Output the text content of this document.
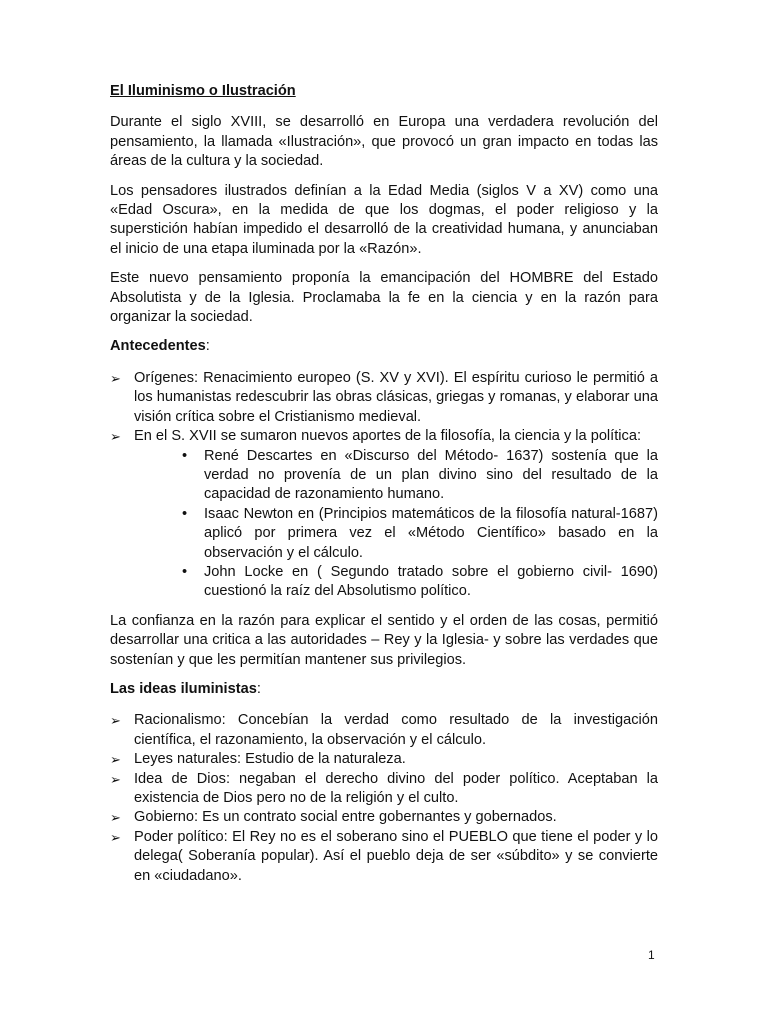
El Iluminismo o Ilustración

Durante el siglo XVIII, se desarrolló en Europa una verdadera revolución del pensamiento, la llamada «Ilustración», que provocó un gran impacto en todas las áreas de la cultura y la sociedad.

Los pensadores ilustrados definían a la Edad Media (siglos V a XV) como una «Edad Oscura», en la medida de que los dogmas, el poder religioso y la superstición habían impedido el desarrolló de la creatividad humana, y anunciaban el inicio de una etapa iluminada por la «Razón».

Este nuevo pensamiento proponía la emancipación del HOMBRE del Estado Absolutista y de la Iglesia. Proclamaba la fe en la ciencia y en la razón para organizar la sociedad.

Antecedentes:
➢ Orígenes: Renacimiento europeo (S. XV y XVI). El espíritu curioso le permitió a los humanistas redescubrir las obras clásicas, griegas y romanas, y elaborar una visión crítica sobre el Cristianismo medieval.
➢ En el S. XVII se sumaron nuevos aportes de la filosofía, la ciencia y la política:
• René Descartes en «Discurso del Método- 1637) sostenía que la verdad no provenía de un plan divino sino del resultado de la capacidad de razonamiento humano.
• Isaac Newton en (Principios matemáticos de la filosofía natural-1687) aplicó por primera vez el «Método Científico» basado en la observación y el cálculo.
• John Locke en ( Segundo tratado sobre el gobierno civil- 1690) cuestionó la raíz del Absolutismo político.

La confianza en la razón para explicar el sentido y el orden de las cosas, permitió desarrollar una critica a las autoridades – Rey y la Iglesia- y sobre las verdades que sostenían y que les permitían mantener sus privilegios.

Las ideas iluministas:
➢ Racionalismo: Concebían la verdad como resultado de la investigación científica, el razonamiento, la observación y el cálculo.
➢ Leyes naturales: Estudio de la naturaleza.
➢ Idea de Dios: negaban el derecho divino del poder político. Aceptaban la existencia de Dios pero no de la religión y el culto.
➢ Gobierno: Es un contrato social entre gobernantes y gobernados.
➢ Poder político: El Rey no es el soberano sino el PUEBLO que tiene el poder y lo delega( Soberanía popular). Así el pueblo deja de ser «súbdito» y se convierte en «ciudadano».
1
